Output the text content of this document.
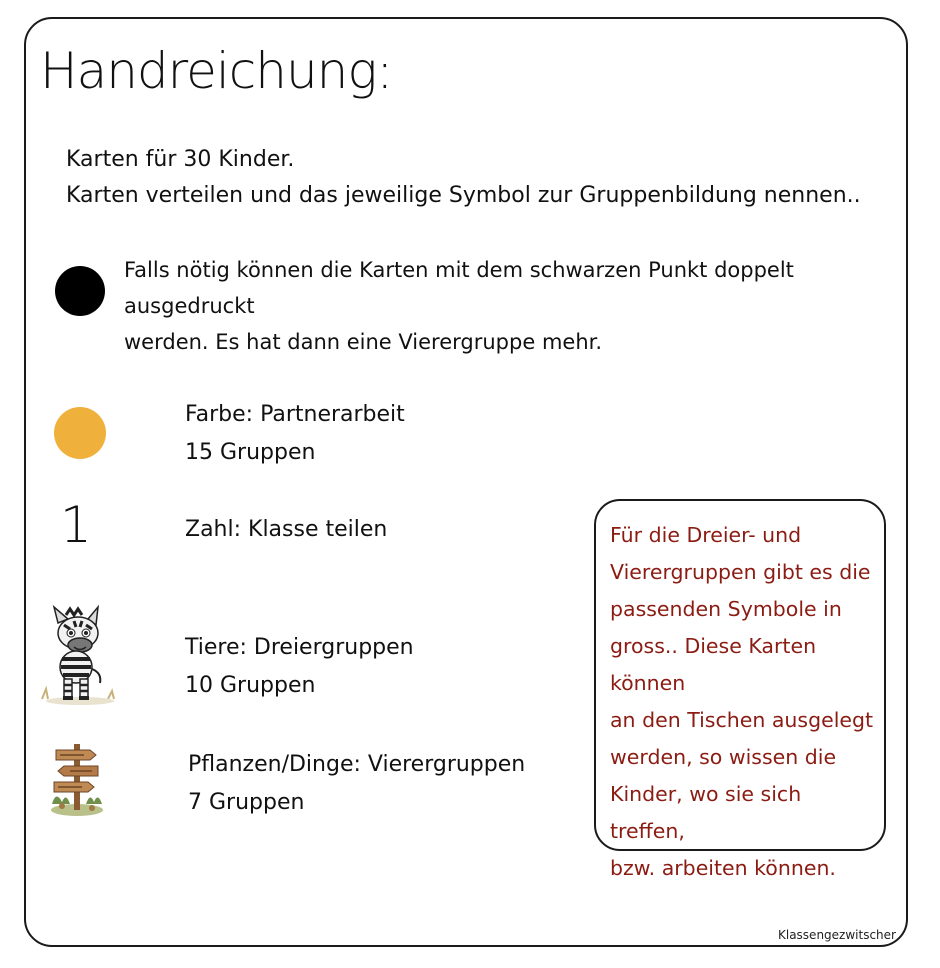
Handreichung:
Karten für 30 Kinder.
Karten verteilen und das jeweilige Symbol zur Gruppenbildung nennen..
Falls nötig können die Karten mit dem schwarzen Punkt doppelt ausgedruckt
werden. Es hat dann eine Vierergruppe mehr.
Farbe: Partnerarbeit
15 Gruppen
1	Zahl: Klasse teilen
Tiere: Dreiergruppen
10 Gruppen
Pflanzen/Dinge: Vierergruppen
7 Gruppen
Für die Dreier- und
Vierergruppen gibt es die
passenden Symbole in
gross.. Diese Karten können
an den Tischen ausgelegt
werden, so wissen die
Kinder, wo sie sich treffen,
bzw. arbeiten können.
Klassengezwitscher
